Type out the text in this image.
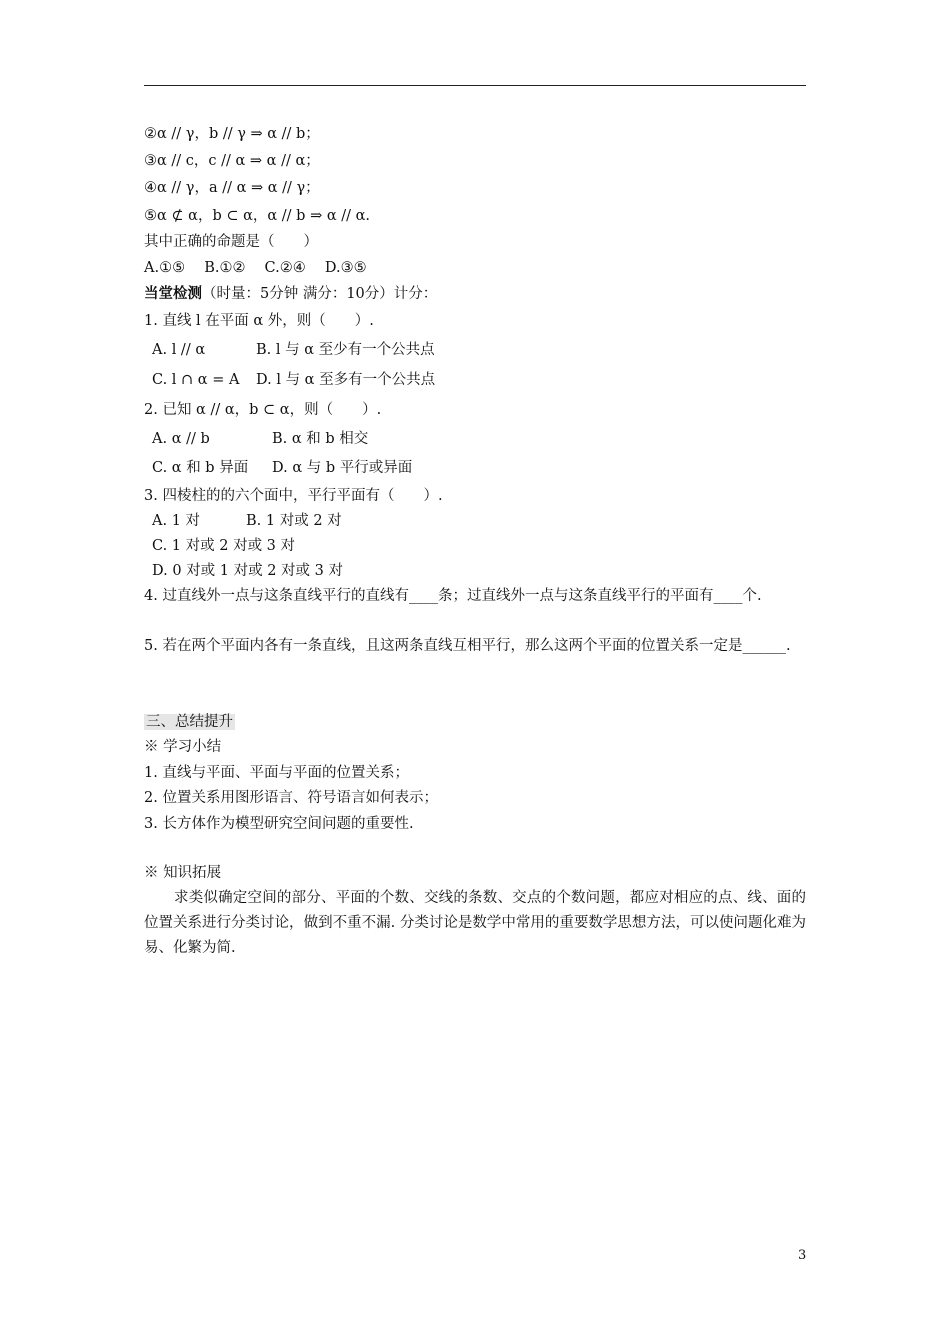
②α // γ，b // γ ⇒ α // b；
③α // c，c // α ⇒ α // α；
④α // γ，a // α ⇒ α // γ；
⑤α ⊄ α，b ⊂ α，α // b ⇒ α // α.
其中正确的命题是（　　）
A.①⑤　 B.①②　 C.②④　 D.③⑤
当堂检测（时量：5分钟 满分：10分）计分：
1. 直线 l 在平面 α 外，则（　　）.
A. l // α	B. l 与 α 至少有一个公共点
C. l ∩ α = A D. l 与 α 至多有一个公共点
2. 已知 α // α，b ⊂ α，则（　　）.
A. α // b	B. α 和 b 相交
C. α 和 b 异面 D. α 与 b 平行或异面
3. 四棱柱的的六个面中，平行平面有（　　）.
A. 1 对	B. 1 对或 2 对
C. 1 对或 2 对或 3 对
D. 0 对或 1 对或 2 对或 3 对
4. 过直线外一点与这条直线平行的直线有____条；过直线外一点与这条直线平行的平面有____个.
5. 若在两个平面内各有一条直线，且这两条直线互相平行，那么这两个平面的位置关系一定是______.
三、总结提升
※ 学习小结
1. 直线与平面、平面与平面的位置关系；
2. 位置关系用图形语言、符号语言如何表示；
3. 长方体作为模型研究空间问题的重要性.
※ 知识拓展
求类似确定空间的部分、平面的个数、交线的条数、交点的个数问题，都应对相应的点、线、面的位置关系进行分类讨论，做到不重不漏. 分类讨论是数学中常用的重要数学思想方法，可以使问题化难为易、化繁为简.
3
